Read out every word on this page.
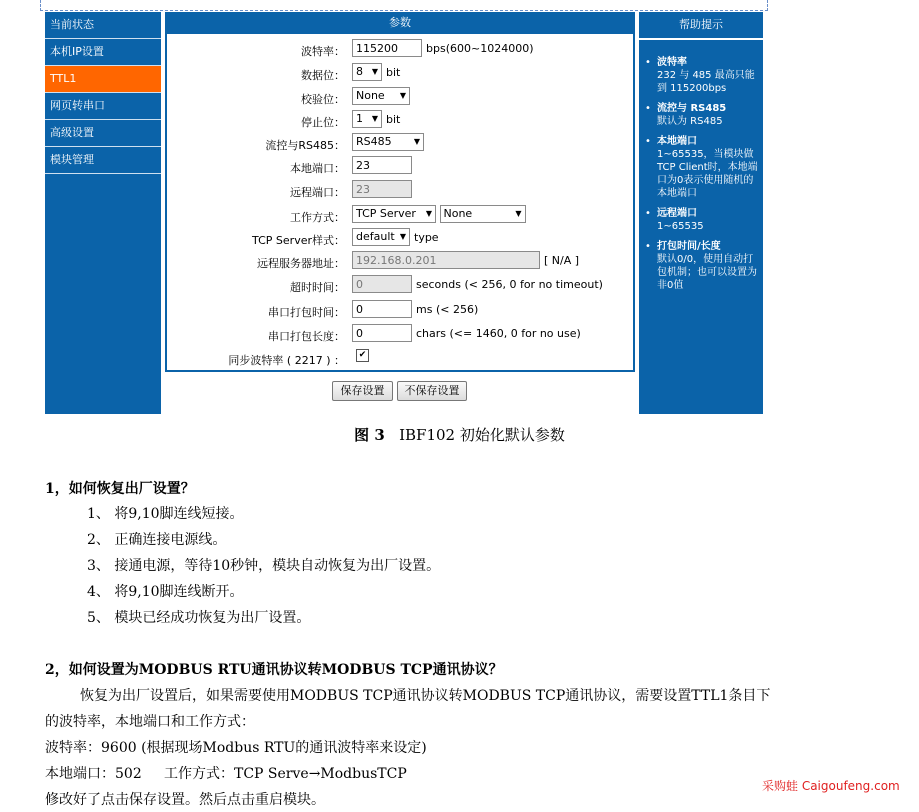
当前状态
本机IP设置
TTL1
网页转串口
高级设置
模块管理
参数
波特率：	115200	bps(600~1024000)
数据位：	8 ▼ bit
校验位：	None ▼
停止位：	1 ▼ bit
流控与RS485：	RS485	▼
本地端口：	23
远程端口：	23
工作方式：	TCP Server ▼ None	▼
TCP Server样式：	default ▼ type
远程服务器地址：	192.168.0.201	[ N/A ]
超时时间：	0	seconds (< 256, 0 for no timeout)
串口打包时间：	0	ms (< 256)
串口打包长度：	0	chars (<= 1460, 0 for no use)
同步波特率 ( 2217 ) ：	✔
保存设置	不保存设置
帮助提示
• 波特率
232 与 485 最高只能到 115200bps
• 流控与 RS485
默认为 RS485
• 本地端口
1~65535，当模块做TCP Client时，本地端口为0表示使用随机的本地端口
• 远程端口
1~65535
• 打包时间/长度
默认0/0，使用自动打包机制；也可以设置为非0值
图 3 IBF102 初始化默认参数
1，如何恢复出厂设置？
1、 将9,10脚连线短接。
2、 正确连接电源线。
3、 接通电源，等待10秒钟，模块自动恢复为出厂设置。
4、 将9,10脚连线断开。
5、 模块已经成功恢复为出厂设置。
2，如何设置为MODBUS RTU通讯协议转MODBUS TCP通讯协议？
恢复为出厂设置后，如果需要使用MODBUS TCP通讯协议转MODBUS TCP通讯协议，需要设置TTL1条目下
的波特率，本地端口和工作方式：
波特率：9600 (根据现场Modbus RTU的通讯波特率来设定)
本地端口：502 工作方式：TCP Serve→ModbusTCP
修改好了点击保存设置。然后点击重启模块。
采购蛙 Caigoufeng.com
